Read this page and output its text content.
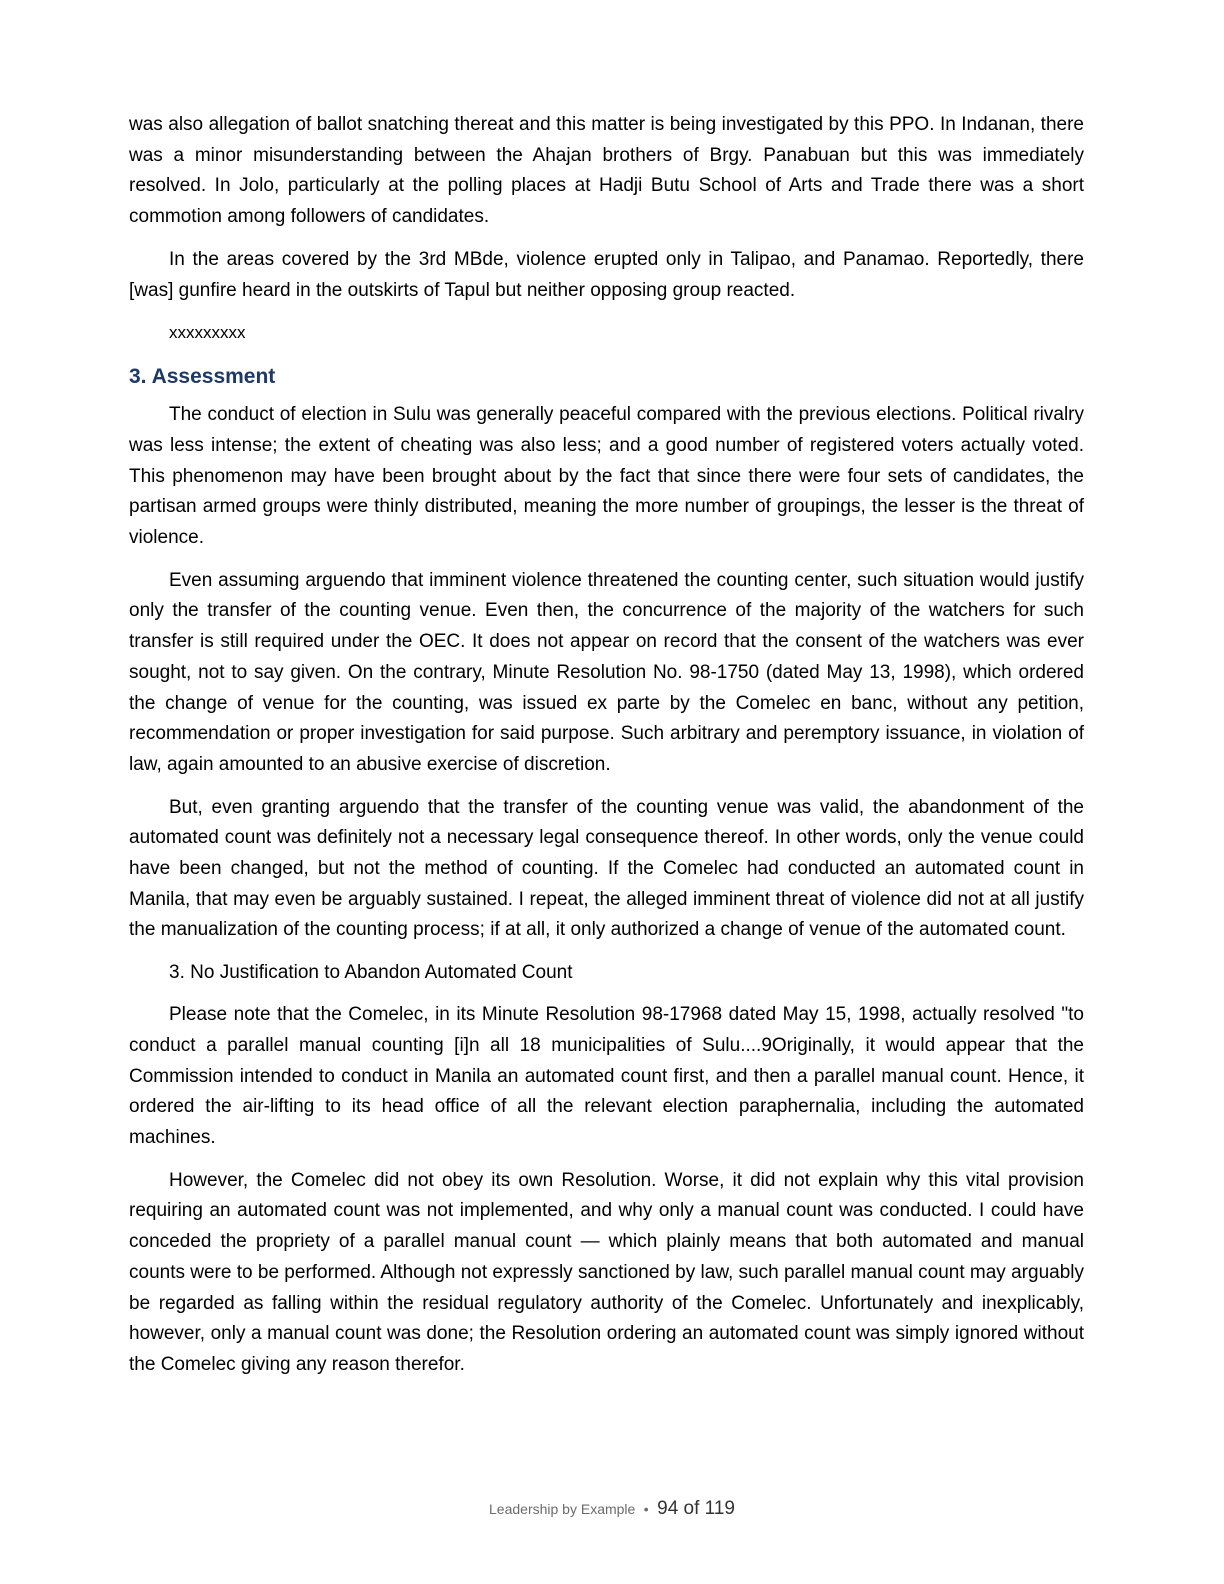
was also allegation of ballot snatching thereat and this matter is being investigated by this PPO. In Indanan, there was a minor misunderstanding between the Ahajan brothers of Brgy. Panabuan but this was immediately resolved. In Jolo, particularly at the polling places at Hadji Butu School of Arts and Trade there was a short commotion among followers of candidates.

In the areas covered by the 3rd MBde, violence erupted only in Talipao, and Panamao. Reportedly, there [was] gunfire heard in the outskirts of Tapul but neither opposing group reacted.

xxxxxxxxx
3. Assessment

The conduct of election in Sulu was generally peaceful compared with the previous elections. Political rivalry was less intense; the extent of cheating was also less; and a good number of registered voters actually voted. This phenomenon may have been brought about by the fact that since there were four sets of candidates, the partisan armed groups were thinly distributed, meaning the more number of groupings, the lesser is the threat of violence.

Even assuming arguendo that imminent violence threatened the counting center, such situation would justify only the transfer of the counting venue. Even then, the concurrence of the majority of the watchers for such transfer is still required under the OEC. It does not appear on record that the consent of the watchers was ever sought, not to say given. On the contrary, Minute Resolution No. 98-1750 (dated May 13, 1998), which ordered the change of venue for the counting, was issued ex parte by the Comelec en banc, without any petition, recommendation or proper investigation for said purpose. Such arbitrary and peremptory issuance, in violation of law, again amounted to an abusive exercise of discretion.

But, even granting arguendo that the transfer of the counting venue was valid, the abandonment of the automated count was definitely not a necessary legal consequence thereof. In other words, only the venue could have been changed, but not the method of counting. If the Comelec had conducted an automated count in Manila, that may even be arguably sustained. I repeat, the alleged imminent threat of violence did not at all justify the manualization of the counting process; if at all, it only authorized a change of venue of the automated count.

3. No Justification to Abandon Automated Count

Please note that the Comelec, in its Minute Resolution 98-17968 dated May 15, 1998, actually resolved "to conduct a parallel manual counting [i]n all 18 municipalities of Sulu....9Originally, it would appear that the Commission intended to conduct in Manila an automated count first, and then a parallel manual count. Hence, it ordered the air-lifting to its head office of all the relevant election paraphernalia, including the automated machines.

However, the Comelec did not obey its own Resolution. Worse, it did not explain why this vital provision requiring an automated count was not implemented, and why only a manual count was conducted. I could have conceded the propriety of a parallel manual count — which plainly means that both automated and manual counts were to be performed. Although not expressly sanctioned by law, such parallel manual count may arguably be regarded as falling within the residual regulatory authority of the Comelec. Unfortunately and inexplicably, however, only a manual count was done; the Resolution ordering an automated count was simply ignored without the Comelec giving any reason therefor.

Leadership by Example • 94 of 119
